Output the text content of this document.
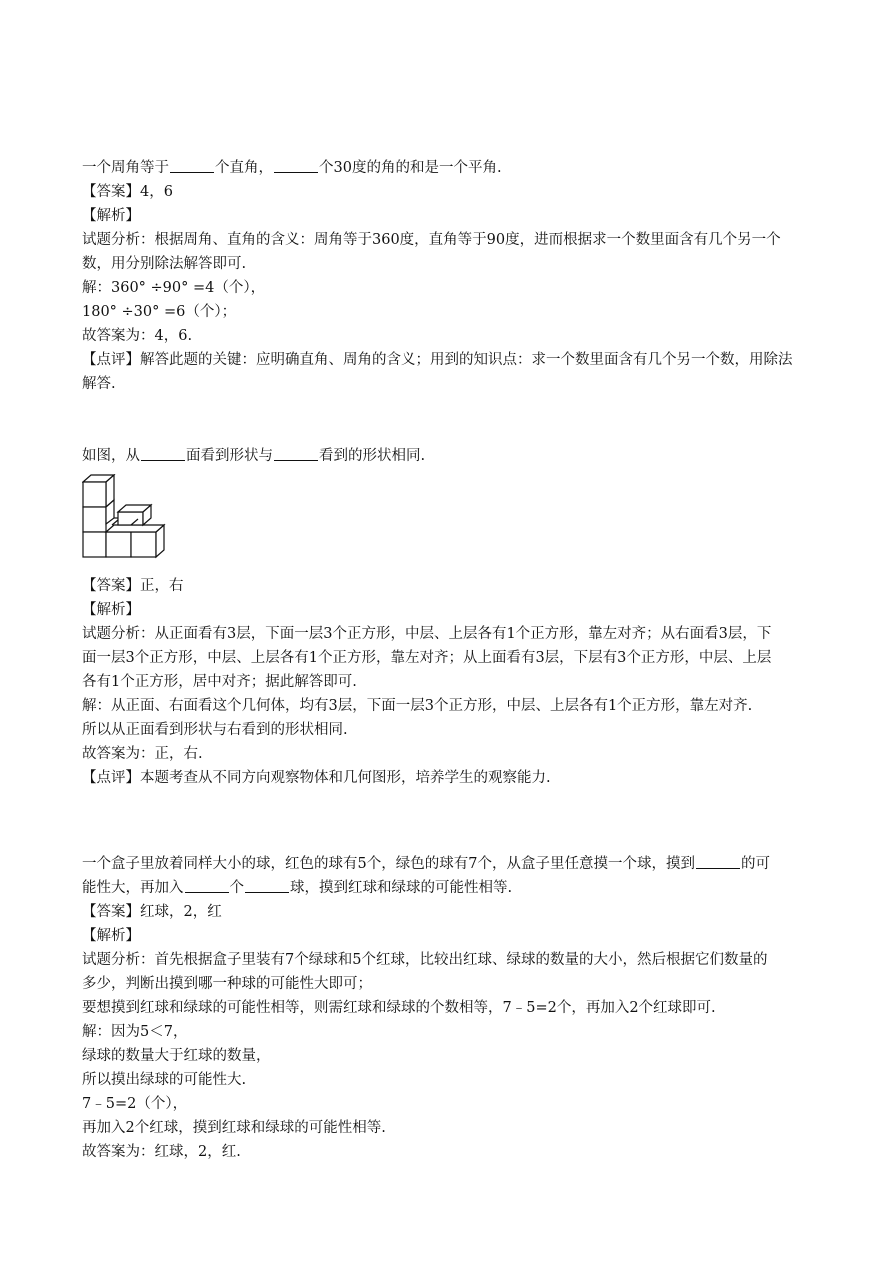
一个周角等于	个直角，	个30度的角的和是一个平角.
【答案】4，6
【解析】
试题分析：根据周角、直角的含义：周角等于360度，直角等于90度，进而根据求一个数里面含有几个另一个
数，用分别除法解答即可.
解：360° ÷90° =4（个），
180° ÷30° =6（个）；
故答案为：4，6.
【点评】解答此题的关键：应明确直角、周角的含义；用到的知识点：求一个数里面含有几个另一个数，用除法
解答.
如图，从	面看到形状与	看到的形状相同.
【答案】正，右
【解析】
试题分析：从正面看有3层，下面一层3个正方形，中层、上层各有1个正方形，靠左对齐；从右面看3层，下
面一层3个正方形，中层、上层各有1个正方形，靠左对齐；从上面看有3层，下层有3个正方形，中层、上层
各有1个正方形，居中对齐；据此解答即可.
解：从正面、右面看这个几何体，均有3层，下面一层3个正方形，中层、上层各有1个正方形，靠左对齐.
所以从正面看到形状与右看到的形状相同.
故答案为：正，右.
【点评】本题考查从不同方向观察物体和几何图形，培养学生的观察能力.
一个盒子里放着同样大小的球，红色的球有5个，绿色的球有7个，从盒子里任意摸一个球，摸到	的可
能性大，再加入	个	球，摸到红球和绿球的可能性相等.
【答案】红球，2，红
【解析】
试题分析：首先根据盒子里装有7个绿球和5个红球，比较出红球、绿球的数量的大小，然后根据它们数量的
多少，判断出摸到哪一种球的可能性大即可；
要想摸到红球和绿球的可能性相等，则需红球和绿球的个数相等，7﹣5=2个，再加入2个红球即可.
解：因为5＜7，
绿球的数量大于红球的数量，
所以摸出绿球的可能性大.
7﹣5=2（个），
再加入2个红球，摸到红球和绿球的可能性相等.
故答案为：红球，2，红.
